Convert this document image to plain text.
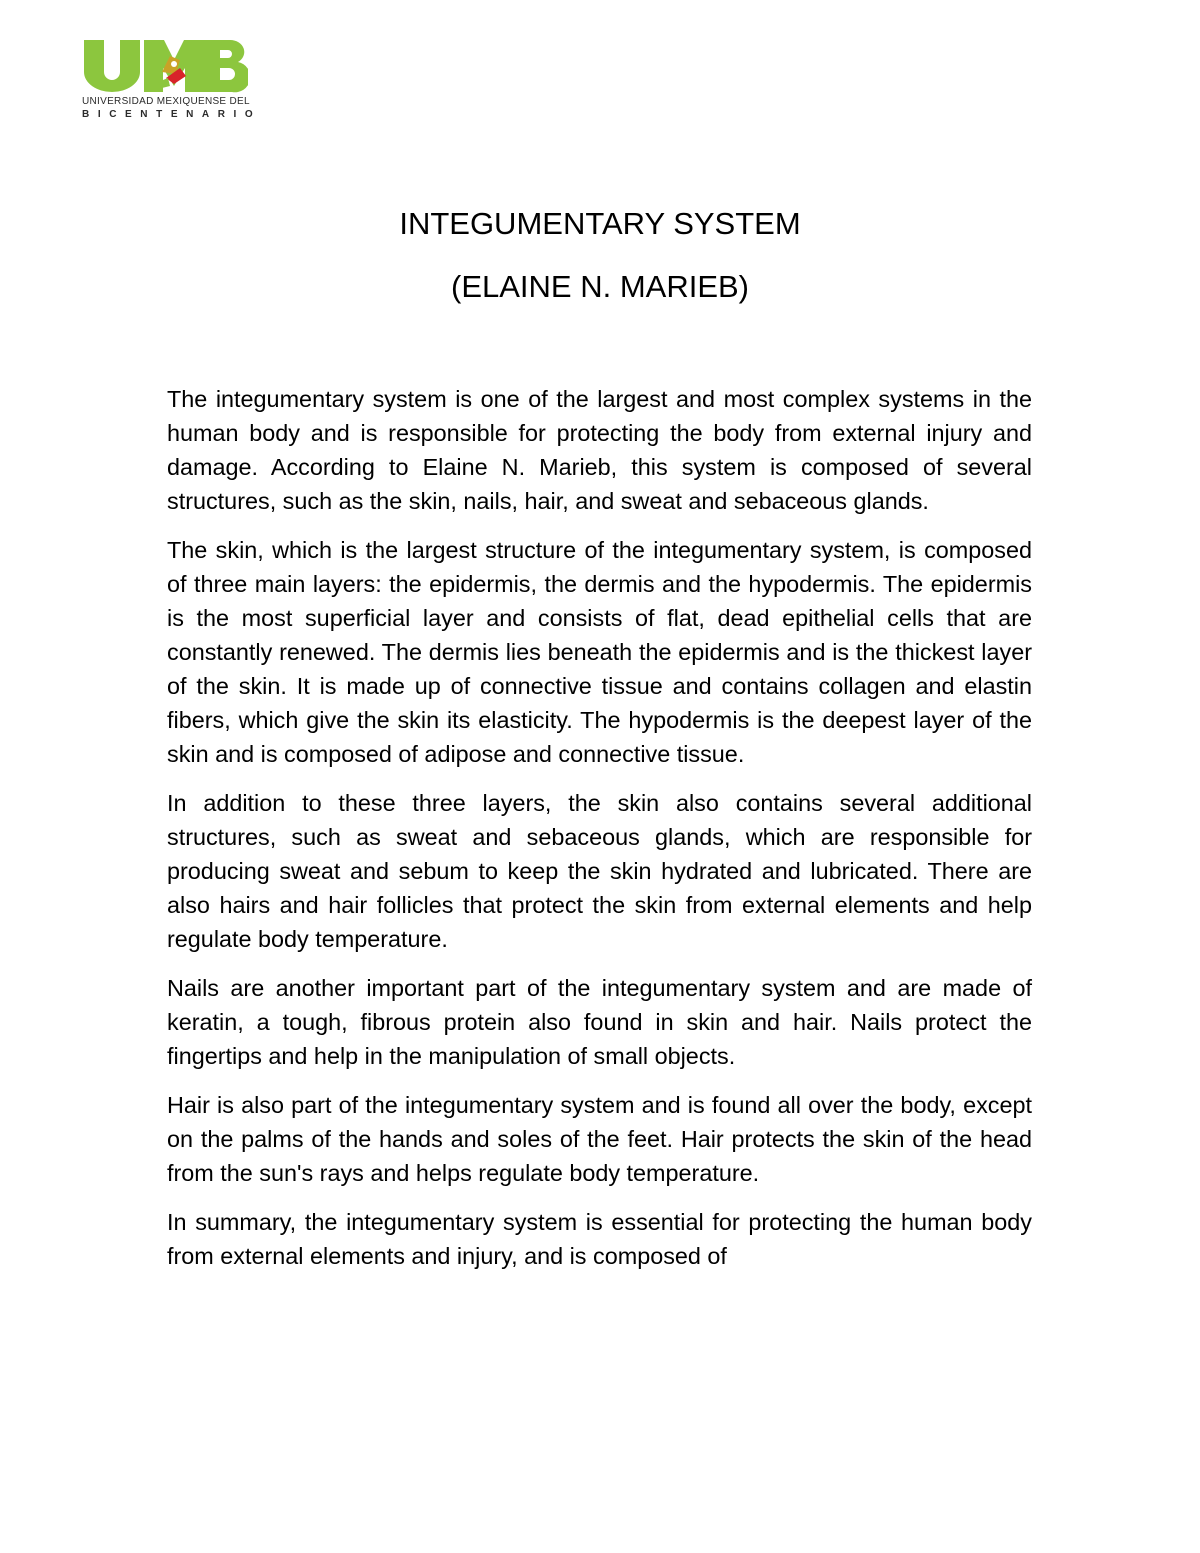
UNIVERSIDAD MEXIQUENSE DEL
BICENTENARIO
INTEGUMENTARY SYSTEM
(ELAINE N. MARIEB)

The integumentary system is one of the largest and most complex systems in the human body and is responsible for protecting the body from external injury and damage. According to Elaine N. Marieb, this system is composed of several structures, such as the skin, nails, hair, and sweat and sebaceous glands.

The skin, which is the largest structure of the integumentary system, is composed of three main layers: the epidermis, the dermis and the hypodermis. The epidermis is the most superficial layer and consists of flat, dead epithelial cells that are constantly renewed. The dermis lies beneath the epidermis and is the thickest layer of the skin. It is made up of connective tissue and contains collagen and elastin fibers, which give the skin its elasticity. The hypodermis is the deepest layer of the skin and is composed of adipose and connective tissue.

In addition to these three layers, the skin also contains several additional structures, such as sweat and sebaceous glands, which are responsible for producing sweat and sebum to keep the skin hydrated and lubricated. There are also hairs and hair follicles that protect the skin from external elements and help regulate body temperature.

Nails are another important part of the integumentary system and are made of keratin, a tough, fibrous protein also found in skin and hair. Nails protect the fingertips and help in the manipulation of small objects.

Hair is also part of the integumentary system and is found all over the body, except on the palms of the hands and soles of the feet. Hair protects the skin of the head from the sun's rays and helps regulate body temperature.

In summary, the integumentary system is essential for protecting the human body from external elements and injury, and is composed of
